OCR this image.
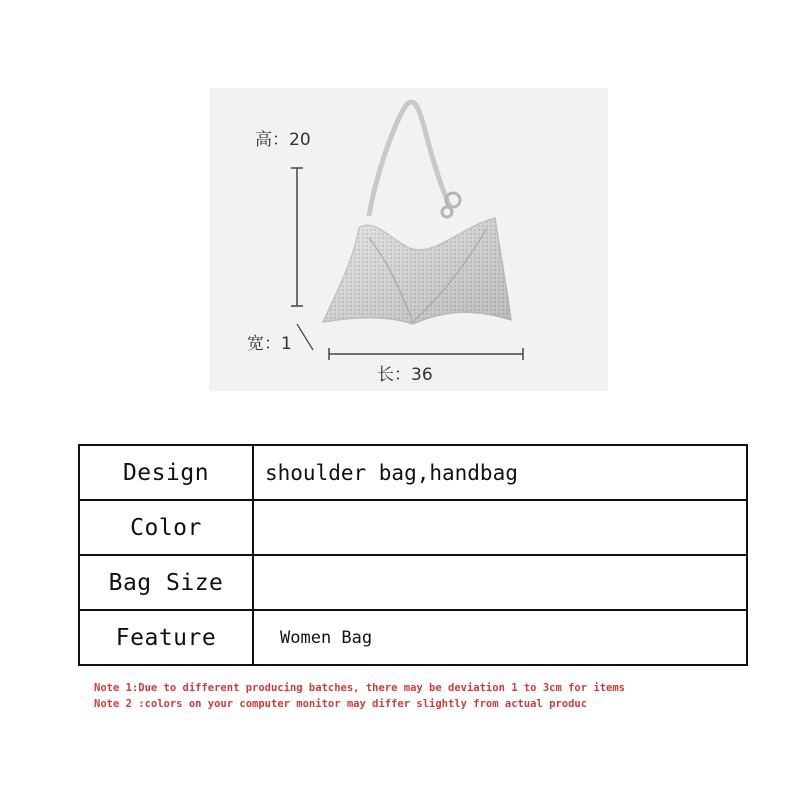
高：20
宽：1
长：36
Design	shoulder bag,handbag
Color
Bag Size
Feature	Women Bag
Note 1:Due to different producing batches, there may be deviation 1 to 3cm for items
Note 2 :colors on your computer monitor may differ slightly from actual produc
